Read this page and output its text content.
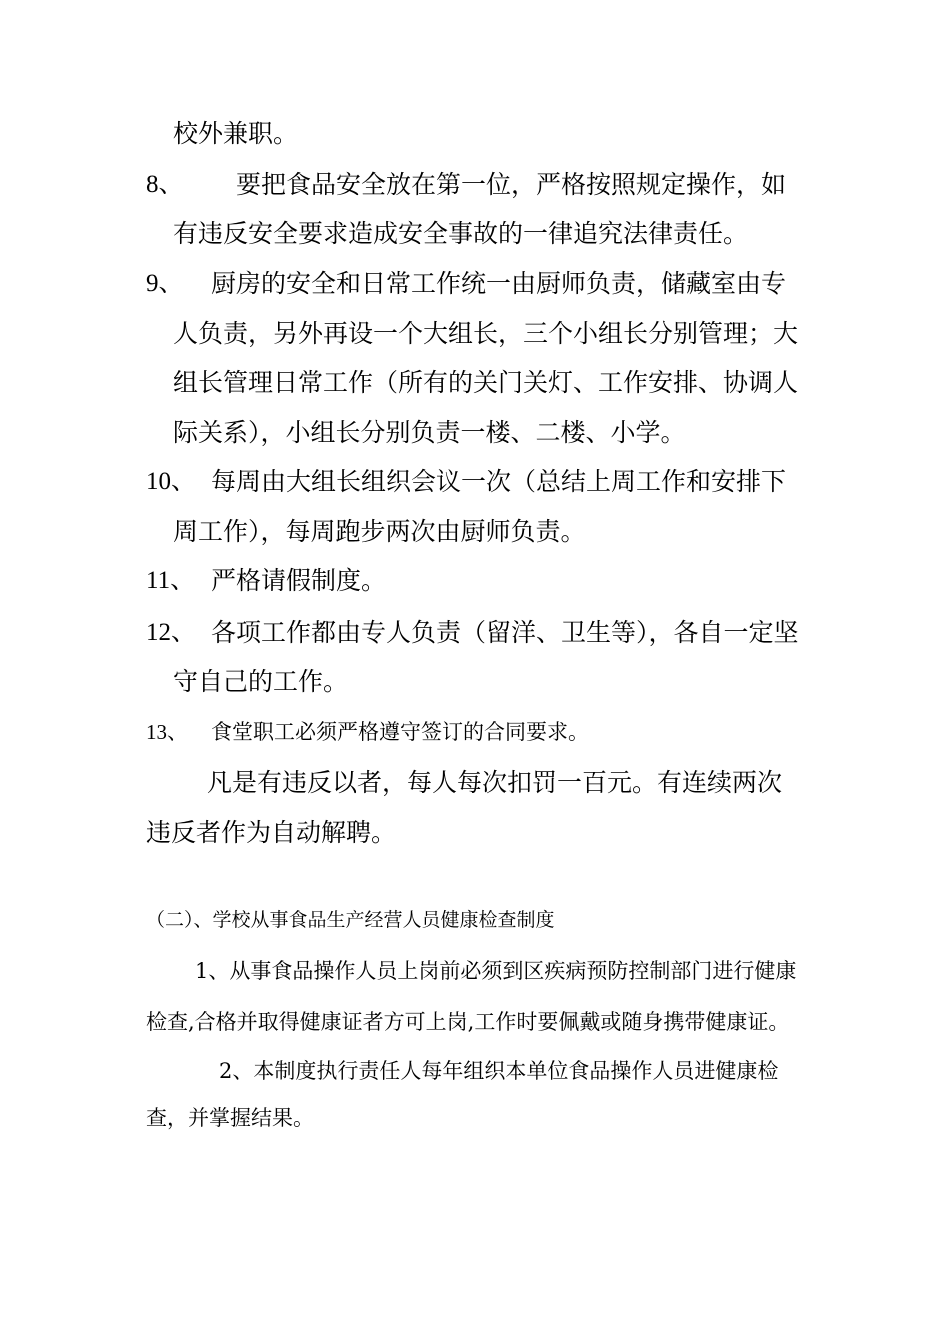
校外兼职。
8、 要把食品安全放在第一位，严格按照规定操作，如
有违反安全要求造成安全事故的一律追究法律责任。
9、 厨房的安全和日常工作统一由厨师负责，储藏室由专
人负责，另外再设一个大组长，三个小组长分别管理；大
组长管理日常工作（所有的关门关灯、工作安排、协调人
际关系），小组长分别负责一楼、二楼、小学。
10、 每周由大组长组织会议一次（总结上周工作和安排下
周工作），每周跑步两次由厨师负责。
11、 严格请假制度。
12、 各项工作都由专人负责（留洋、卫生等），各自一定坚
守自己的工作。
13、 食堂职工必须严格遵守签订的合同要求。
凡是有违反以者，每人每次扣罚一百元。有连续两次
违反者作为自动解聘。
（二）、学校从事食品生产经营人员健康检查制度
1、从事食品操作人员上岗前必须到区疾病预防控制部门进行健康
检查,合格并取得健康证者方可上岗,工作时要佩戴或随身携带健康证。
2、本制度执行责任人每年组织本单位食品操作人员进健康检
查，并掌握结果。
